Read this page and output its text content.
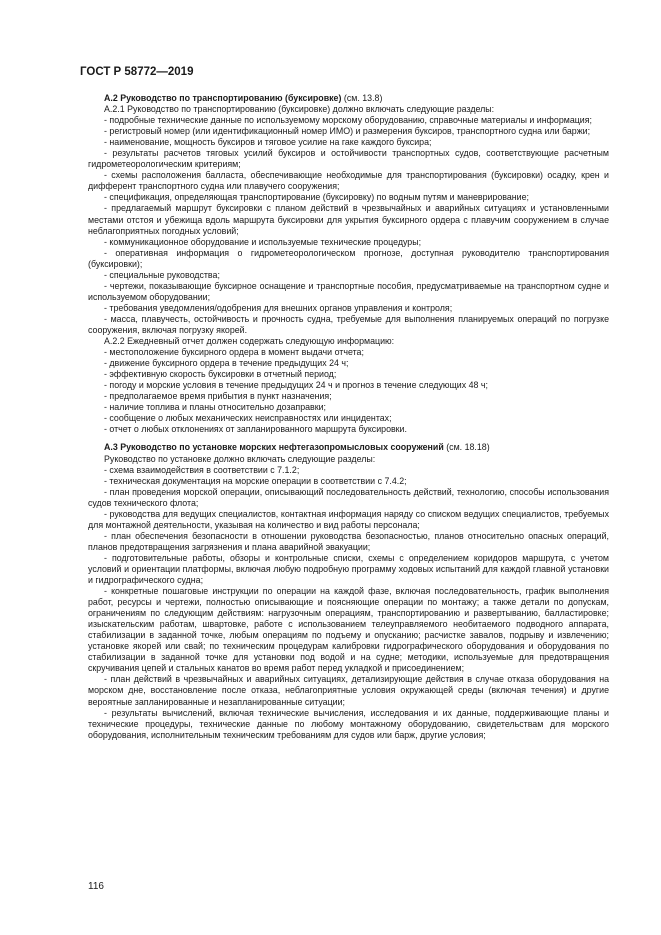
ГОСТ Р 58772—2019

А.2 Руководство по транспортированию (буксировке) (см. 13.8)

А.2.1 Руководство по транспортированию (буксировке) должно включать следующие разделы:

- подробные технические данные по используемому морскому оборудованию, справочные материалы и информация;

- регистровый номер (или идентификационный номер ИМО) и размерения буксиров, транспортного судна или баржи;

- наименование, мощность буксиров и тяговое усилие на гаке каждого буксира;

- результаты расчетов тяговых усилий буксиров и остойчивости транспортных судов, соответствующие расчетным гидрометеорологическим критериям;

- схемы расположения балласта, обеспечивающие необходимые для транспортирования (буксировки) осадку, крен и дифферент транспортного судна или плавучего сооружения;

- спецификация, определяющая транспортирование (буксировку) по водным путям и маневрирование;

- предлагаемый маршрут буксировки с планом действий в чрезвычайных и аварийных ситуациях и установленными местами отстоя и убежища вдоль маршрута буксировки для укрытия буксирного ордера с плавучим сооружением в случае неблагоприятных погодных условий;

- коммуникационное оборудование и используемые технические процедуры;

- оперативная информация о гидрометеорологическом прогнозе, доступная руководителю транспортирования (буксировки);

- специальные руководства;

- чертежи, показывающие буксирное оснащение и транспортные пособия, предусматриваемые на транспортном судне и используемом оборудовании;

- требования уведомления/одобрения для внешних органов управления и контроля;

- масса, плавучесть, остойчивость и прочность судна, требуемые для выполнения планируемых операций по погрузке сооружения, включая погрузку якорей.

А.2.2 Ежедневный отчет должен содержать следующую информацию:

- местоположение буксирного ордера в момент выдачи отчета;

- движение буксирного ордера в течение предыдущих 24 ч;

- эффективную скорость буксировки в отчетный период;

- погоду и морские условия в течение предыдущих 24 ч и прогноз в течение следующих 48 ч;

- предполагаемое время прибытия в пункт назначения;

- наличие топлива и планы относительно дозаправки;

- сообщение о любых механических неисправностях или инцидентах;

- отчет о любых отклонениях от запланированного маршрута буксировки.

А.3 Руководство по установке морских нефтегазопромысловых сооружений (см. 18.18)

Руководство по установке должно включать следующие разделы:

- схема взаимодействия в соответствии с 7.1.2;

- техническая документация на морские операции в соответствии с 7.4.2;

- план проведения морской операции, описывающий последовательность действий, технологию, способы использования судов технического флота;

- руководства для ведущих специалистов, контактная информация наряду со списком ведущих специалистов, требуемых для монтажной деятельности, указывая на количество и вид работы персонала;

- план обеспечения безопасности в отношении руководства безопасностью, планов относительно опасных операций, планов предотвращения загрязнения и плана аварийной эвакуации;

- подготовительные работы, обзоры и контрольные списки, схемы с определением коридоров маршрута, с учетом условий и ориентации платформы, включая любую подробную программу ходовых испытаний для каждой главной установки и гидрографического судна;

- конкретные пошаговые инструкции по операции на каждой фазе, включая последовательность, график выполнения работ, ресурсы и чертежи, полностью описывающие и поясняющие операции по монтажу; а также детали по допускам, ограничениям по следующим действиям: нагрузочным операциям, транспортированию и развертыванию, балластировке; изыскательским работам, швартовке, работе с использованием телеуправляемого необитаемого подводного аппарата, стабилизации в заданной точке, любым операциям по подъему и опусканию; расчистке завалов, подрыву и извлечению; установке якорей или свай; по техническим процедурам калибровки гидрографического оборудования и оборудования по стабилизации в заданной точке для установки под водой и на судне; методики, используемые для предотвращения скручивания цепей и стальных канатов во время работ перед укладкой и присоединением;

- план действий в чрезвычайных и аварийных ситуациях, детализирующие действия в случае отказа оборудования на морском дне, восстановление после отказа, неблагоприятные условия окружающей среды (включая течения) и другие вероятные запланированные и незапланированные ситуации;

- результаты вычислений, включая технические вычисления, исследования и их данные, поддерживающие планы и технические процедуры, технические данные по любому монтажному оборудованию, свидетельствам для морского оборудования, исполнительным техническим требованиям для судов или барж, другие условия;

116
